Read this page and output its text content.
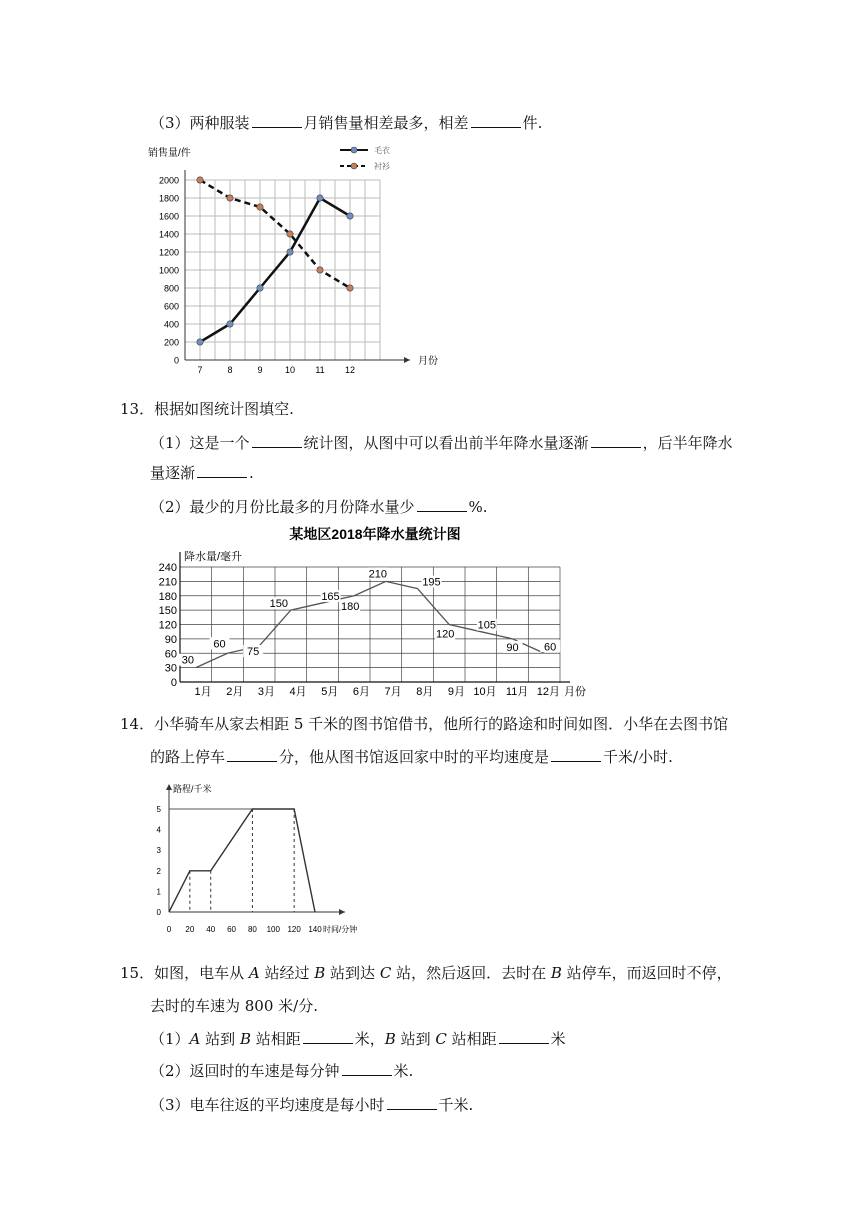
（3）两种服装	月销售量相差最多，相差	件.
0
200
400
600
800
1000
1200
1400
1600
1800
2000
销售量/件
月份
7	8	9 10 11 12
毛衣
衬衫
13．根据如图统计图填空.
（1）这是一个	统计图，从图中可以看出前半年降水量逐渐	，后半年降水
量逐渐	.
（2）最少的月份比最多的月份降水量少	%.
某地区2018年降水量统计图
降水量/毫升
0
30
60
90
120
150
180
210
240
1月 2月 3月 4月 5月 6月 7月 8月 9月 10月 11月 12月 月份
30
60
75
150
165
180
210
195
120
105
90 60
14．小华骑车从家去相距 5 千米的图书馆借书，他所行的路途和时间如图．小华在去图书馆
的路上停车	分，他从图书馆返回家中时的平均速度是	千米/小时.
路程/千米
时间/分钟
0
1
2
3
4
5
0 20 40 60 80 100 120 140
15．如图，电车从 A 站经过 B 站到达 C 站，然后返回．去时在 B 站停车，而返回时不停，
去时的车速为 800 米/分.
（1）A 站到 B 站相距	米，B 站到 C 站相距	米
（2）返回时的车速是每分钟	米.
（3）电车往返的平均速度是每小时	千米.
